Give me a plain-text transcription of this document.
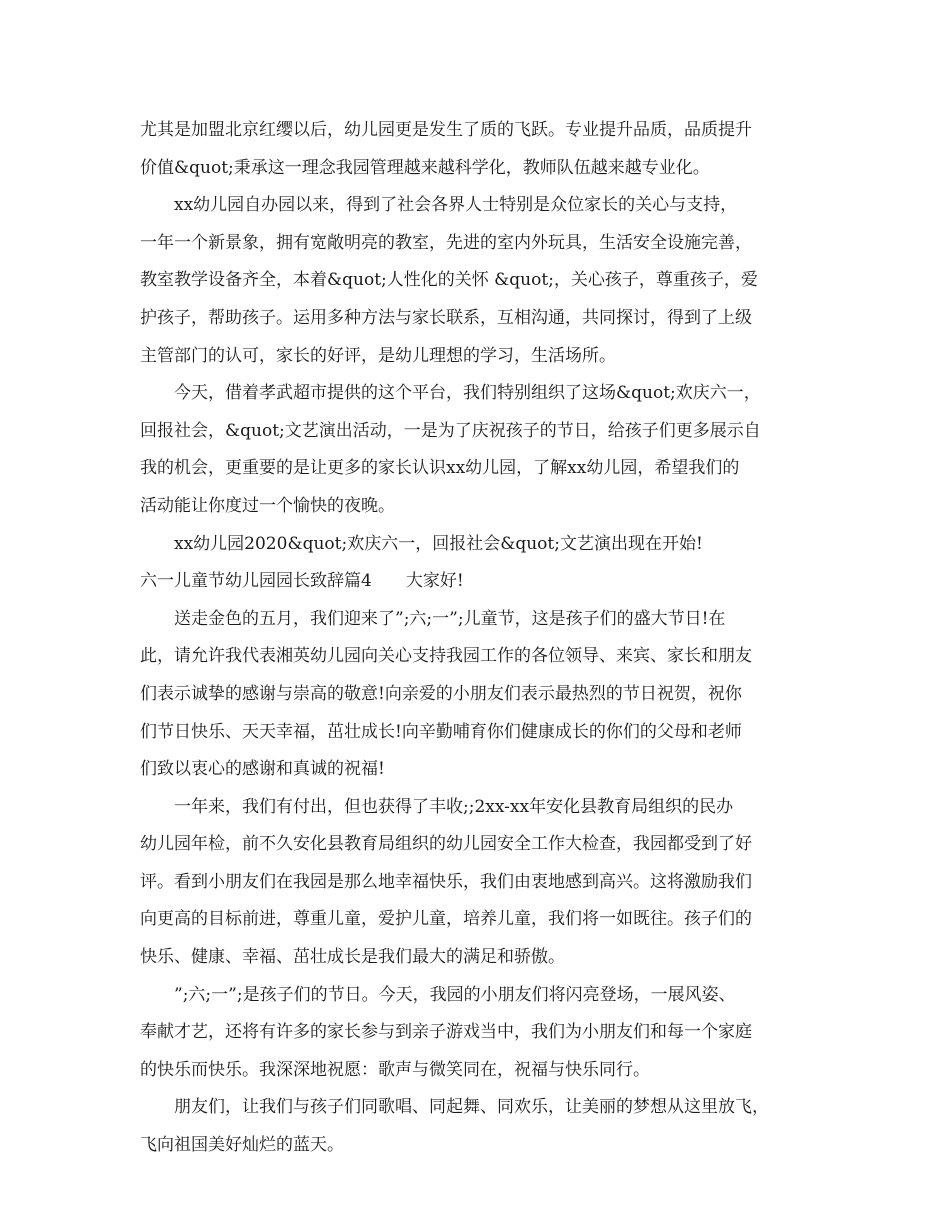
尤其是加盟北京红缨以后，幼儿园更是发生了质的飞跃。专业提升品质，品质提升
价值&quot;秉承这一理念我园管理越来越科学化，教师队伍越来越专业化。
xx幼儿园自办园以来，得到了社会各界人士特别是众位家长的关心与支持，
一年一个新景象，拥有宽敞明亮的教室，先进的室内外玩具，生活安全设施完善，
教室教学设备齐全，本着&quot;人性化的关怀 &quot;，关心孩子，尊重孩子，爱
护孩子，帮助孩子。运用多种方法与家长联系，互相沟通，共同探讨，得到了上级
主管部门的认可，家长的好评，是幼儿理想的学习，生活场所。
今天，借着孝武超市提供的这个平台，我们特别组织了这场&quot;欢庆六一，
回报社会，&quot;文艺演出活动，一是为了庆祝孩子的节日，给孩子们更多展示自
我的机会，更重要的是让更多的家长认识xx幼儿园，了解xx幼儿园，希望我们的
活动能让你度过一个愉快的夜晚。
xx幼儿园2020&quot;欢庆六一，回报社会&quot;文艺演出现在开始!
六一儿童节幼儿园园长致辞篇4 大家好!
送走金色的五月，我们迎来了”;六;一”;儿童节，这是孩子们的盛大节日!在
此，请允许我代表湘英幼儿园向关心支持我园工作的各位领导、来宾、家长和朋友
们表示诚挚的感谢与崇高的敬意!向亲爱的小朋友们表示最热烈的节日祝贺，祝你
们节日快乐、天天幸福，茁壮成长!向辛勤哺育你们健康成长的你们的父母和老师
们致以衷心的感谢和真诚的祝福!
一年来，我们有付出，但也获得了丰收;;2xx-xx年安化县教育局组织的民办
幼儿园年检，前不久安化县教育局组织的幼儿园安全工作大检查，我园都受到了好
评。看到小朋友们在我园是那么地幸福快乐，我们由衷地感到高兴。这将激励我们
向更高的目标前进，尊重儿童，爱护儿童，培养儿童，我们将一如既往。孩子们的
快乐、健康、幸福、茁壮成长是我们最大的满足和骄傲。
”;六;一”;是孩子们的节日。今天，我园的小朋友们将闪亮登场，一展风姿、
奉献才艺，还将有许多的家长参与到亲子游戏当中，我们为小朋友们和每一个家庭
的快乐而快乐。我深深地祝愿：歌声与微笑同在，祝福与快乐同行。
朋友们，让我们与孩子们同歌唱、同起舞、同欢乐，让美丽的梦想从这里放飞，
飞向祖国美好灿烂的蓝天。
